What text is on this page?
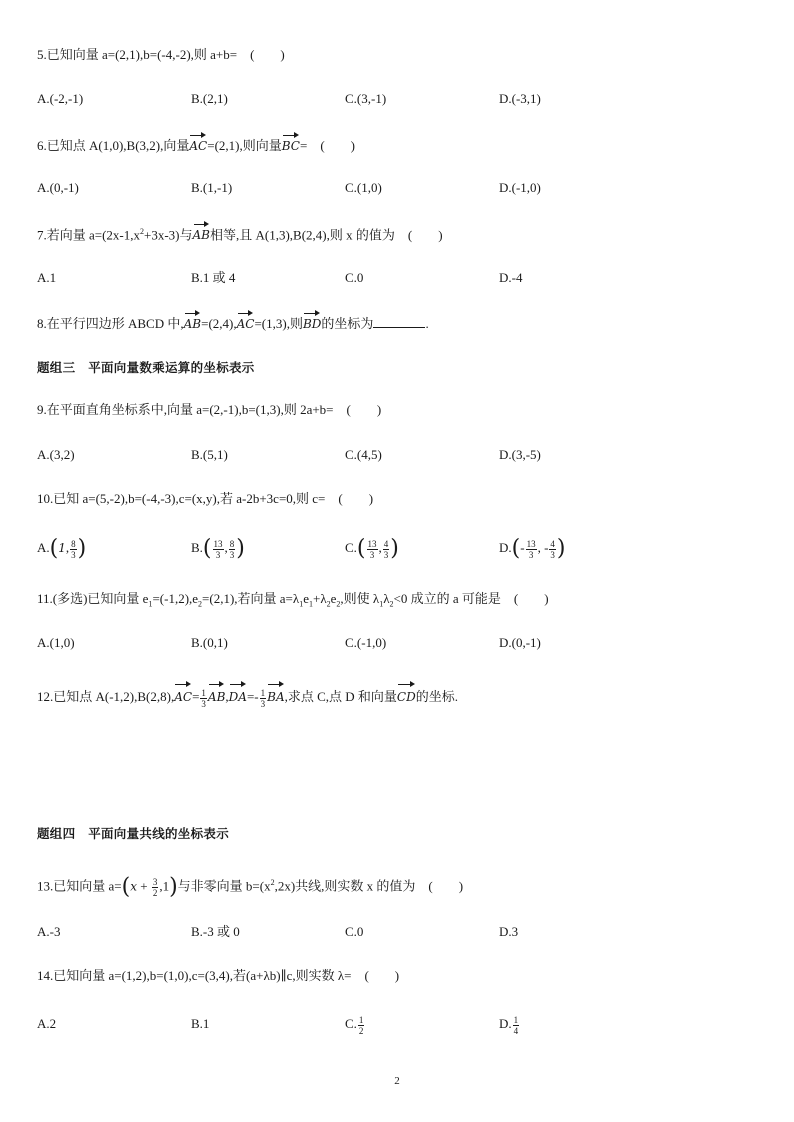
5.已知向量 a=(2,1),b=(-4,-2),则 a+b=　(　　)
A.(-2,-1)	B.(2,1)	C.(3,-1)	D.(-3,1)
6.已知点 A(1,0),B(3,2),向量AC=(2,1),则向量BC=　(　　)
A.(0,-1)	B.(1,-1)	C.(1,0)	D.(-1,0)
7.若向量 $a=(2x-1,x^2+3x-3)$与AB相等,且 A(1,3),B(2,4),则 x 的值为　(　　)
A.1	B.1 或 4	C.0	D.-4
8.在平行四边形 ABCD 中,AB=(2,4),AC=(1,3),则BD的坐标为	.
题组三　平面向量数乘运算的坐标表示
9.在平面直角坐标系中,向量 a=(2,-1),b=(1,3),则 2a+b=　(　　)
A.(3,2)	B.(5,1)	C.(4,5)	D.(3,-5)
10.已知 a=(5,-2),b=(-4,-3),c=(x,y),若 a-2b+3c=0,则 c=　(　　)
A.(1, $\frac{8}{3}$ )	$B.( \frac{13}{3}$ , $\frac{8}{3}$ )	$C.( \frac{13}{3}$ , $\frac{4}{3}$ )	$D.(- \frac{13}{3}$ , - $\frac{4}{3}$ )
11.(多选)已知向量 $e_1=(-1,2),e_2=(2,1)$,若向量 $a=\lambda_1e_1+\lambda_2e_2$,则使 $\lambda_1\lambda_2<0$ 成立的 a 可能是　(　　)
A.(1,0)	B.(0,1)	C.(-1,0)	D.(0,-1)
12.已知点 $A(-1,2),B(2,8),AC= \frac{1}{3} AB,DA=- \frac{1}{3}$ BA,求点 C,点 D 和向量CD的坐标.
题组四　平面向量共线的坐标表示
13.已知向量 $a=(x + \frac{3}{2} ,1)$与非零向量 $b=(x^2,2x)$共线,则实数 x 的值为　(　　)
A.-3	B.-3 或 0	C.0	D.3
14.已知向量 a=(1,2),b=(1,0),c=(3,4),若(a+λb)∥c,则实数 λ=　(　　)
A.2	B.1	C. $\frac{1}{2}$	D. $\frac{1}{4}$
2
